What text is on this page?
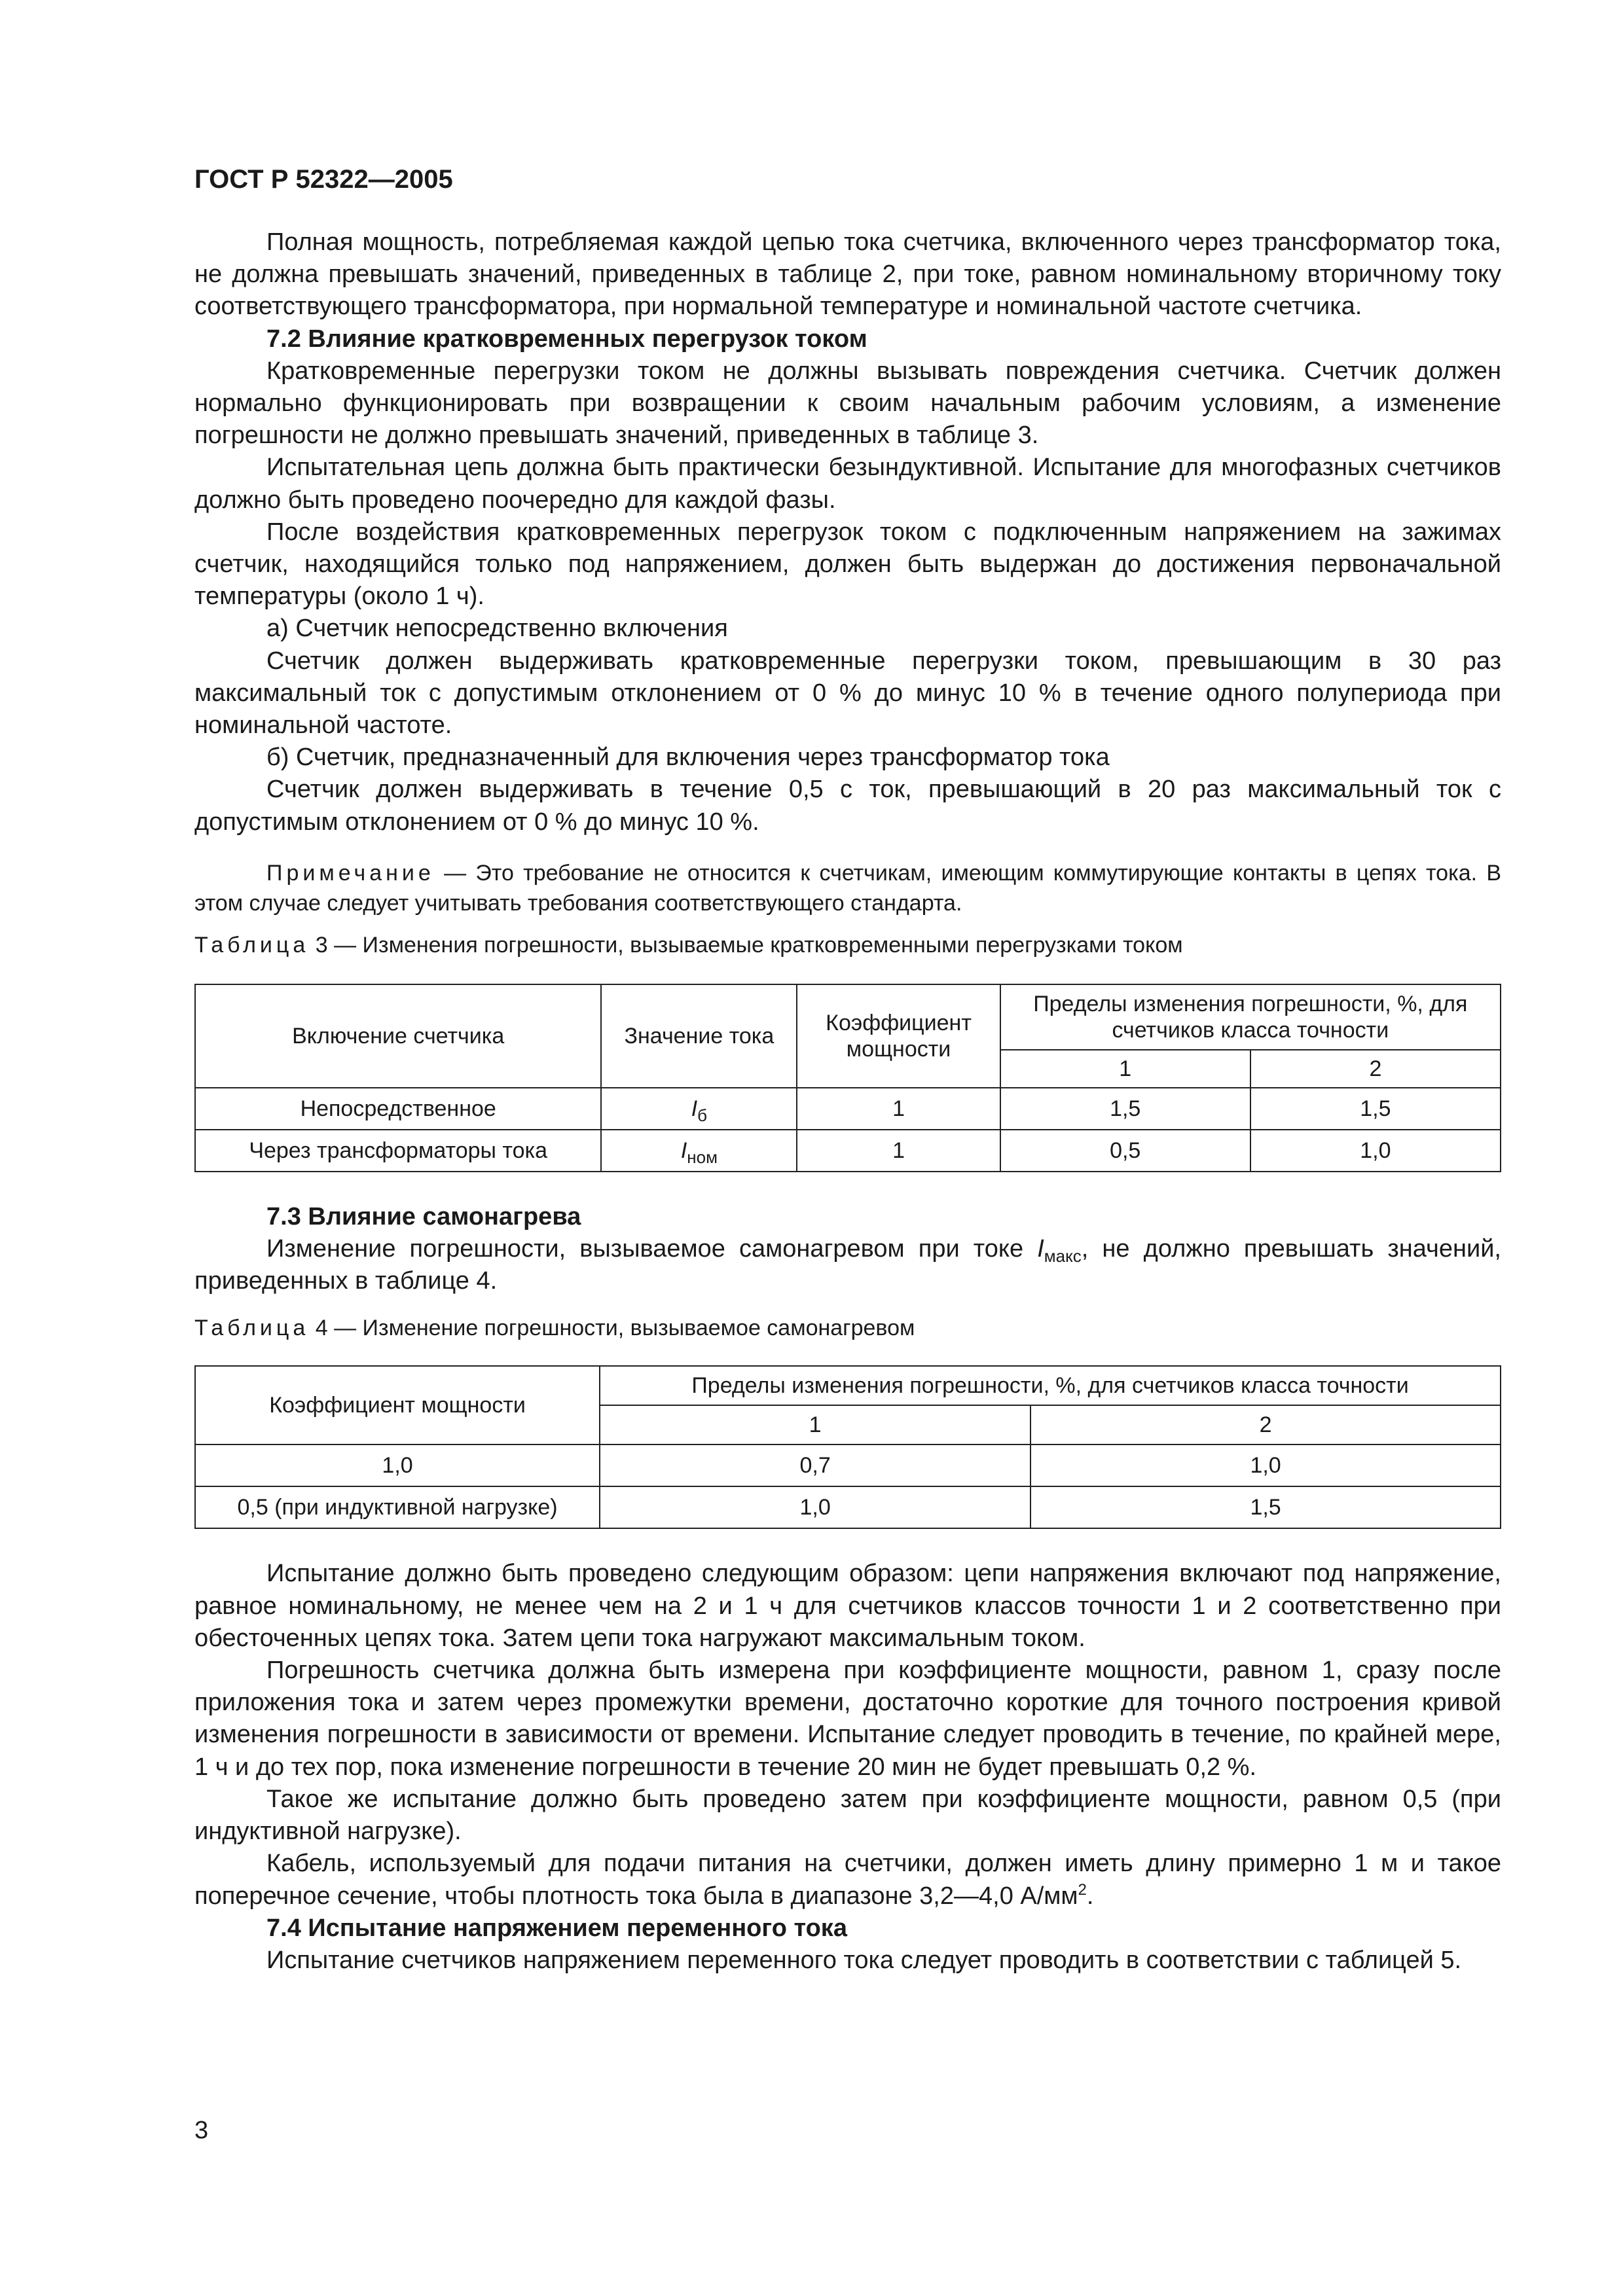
ГОСТ Р 52322—2005

Полная мощность, потребляемая каждой цепью тока счетчика, включенного через трансформатор тока, не должна превышать значений, приведенных в таблице 2, при токе, равном номинальному вторичному току соответствующего трансформатора, при нормальной температуре и номинальной частоте счетчика.

7.2 Влияние кратковременных перегрузок током

Кратковременные перегрузки током не должны вызывать повреждения счетчика. Счетчик должен нормально функционировать при возвращении к своим начальным рабочим условиям, а изменение погрешности не должно превышать значений, приведенных в таблице 3.

Испытательная цепь должна быть практически безындуктивной. Испытание для многофазных счетчиков должно быть проведено поочередно для каждой фазы.

После воздействия кратковременных перегрузок током с подключенным напряжением на зажимах счетчик, находящийся только под напряжением, должен быть выдержан до достижения первоначальной температуры (около 1 ч).

а) Счетчик непосредственно включения

Счетчик должен выдерживать кратковременные перегрузки током, превышающим в 30 раз максимальный ток с допустимым отклонением от 0 % до минус 10 % в течение одного полупериода при номинальной частоте.

б) Счетчик, предназначенный для включения через трансформатор тока

Счетчик должен выдерживать в течение 0,5 с ток, превышающий в 20 раз максимальный ток с допустимым отклонением от 0 % до минус 10 %.

Примечание — Это требование не относится к счетчикам, имеющим коммутирующие контакты в цепях тока. В этом случае следует учитывать требования соответствующего стандарта.

Таблица 3 — Изменения погрешности, вызываемые кратковременными перегрузками током

Включение счетчика	Значение тока	Коэффициент мощности	Пределы изменения погрешности, %, для счетчиков класса точности	
			1	2
Непосредственное	$I_б$	1	1,5	1,5
Через трансформаторы тока	$I_{ном}$	1	0,5	1,0

7.3 Влияние самонагрева

Изменение погрешности, вызываемое самонагревом при токе $I_{макс}$, не должно превышать значений, приведенных в таблице 4.

Таблица 4 — Изменение погрешности, вызываемое самонагревом

Коэффициент мощности	Пределы изменения погрешности, %, для счетчиков класса точности	
	1	2
1,0	0,7	1,0
0,5 (при индуктивной нагрузке)	1,0	1,5

Испытание должно быть проведено следующим образом: цепи напряжения включают под напряжение, равное номинальному, не менее чем на 2 и 1 ч для счетчиков классов точности 1 и 2 соответственно при обесточенных цепях тока. Затем цепи тока нагружают максимальным током.

Погрешность счетчика должна быть измерена при коэффициенте мощности, равном 1, сразу после приложения тока и затем через промежутки времени, достаточно короткие для точного построения кривой изменения погрешности в зависимости от времени. Испытание следует проводить в течение, по крайней мере, 1 ч и до тех пор, пока изменение погрешности в течение 20 мин не будет превышать 0,2 %.

Такое же испытание должно быть проведено затем при коэффициенте мощности, равном 0,5 (при индуктивной нагрузке).

Кабель, используемый для подачи питания на счетчики, должен иметь длину примерно 1 м и такое поперечное сечение, чтобы плотность тока была в диапазоне 3,2—4,0 $А/мм^2$.

7.4 Испытание напряжением переменного тока

Испытание счетчиков напряжением переменного тока следует проводить в соответствии с таблицей 5.

3
